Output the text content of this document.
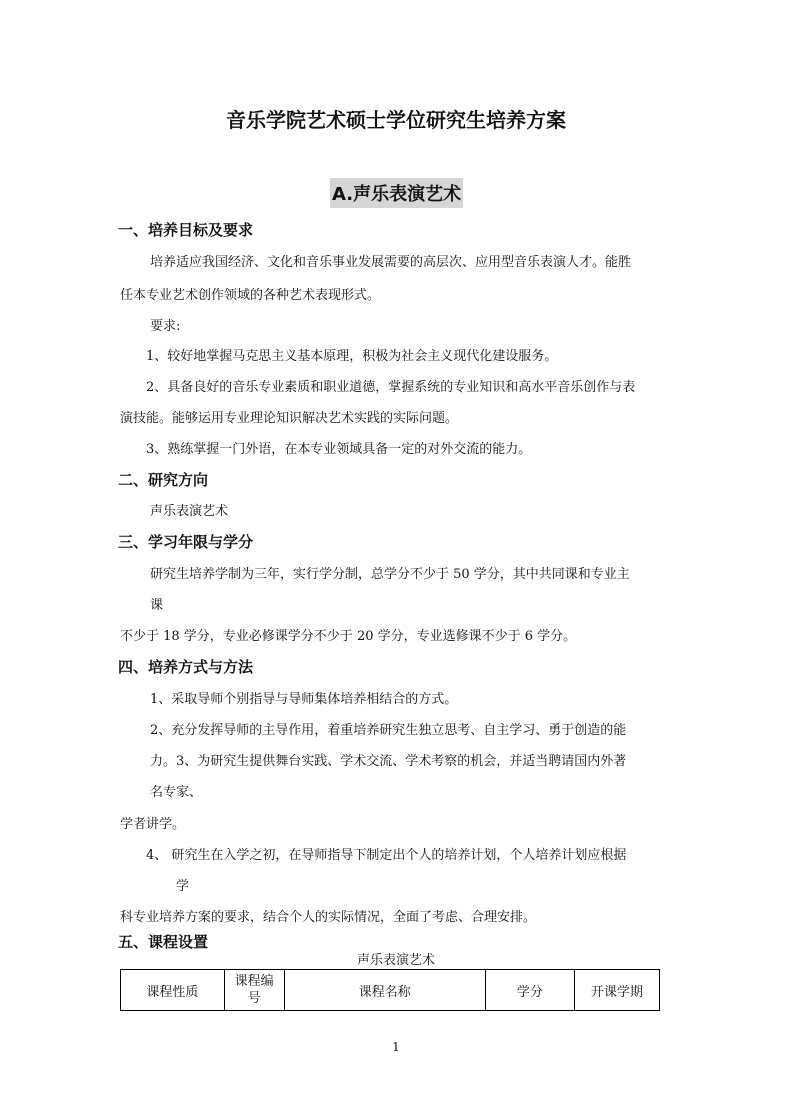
音乐学院艺术硕士学位研究生培养方案
A.声乐表演艺术
一、培养目标及要求
培养适应我国经济、文化和音乐事业发展需要的高层次、应用型音乐表演人才。能胜
任本专业艺术创作领域的各种艺术表现形式。
要求:
1、较好地掌握马克思主义基本原理，积极为社会主义现代化建设服务。
2、具备良好的音乐专业素质和职业道德，掌握系统的专业知识和高水平音乐创作与表
演技能。能够运用专业理论知识解决艺术实践的实际问题。
3、熟练掌握一门外语，在本专业领域具备一定的对外交流的能力。
二、研究方向
声乐表演艺术
三、学习年限与学分
研究生培养学制为三年，实行学分制，总学分不少于 50 学分，其中共同课和专业主
课
不少于 18 学分，专业必修课学分不少于 20 学分，专业选修课不少于 6 学分。
四、培养方式与方法
1、采取导师个别指导与导师集体培养相结合的方式。
2、充分发挥导师的主导作用，着重培养研究生独立思考、自主学习、勇于创造的能
力。3、为研究生提供舞台实践、学术交流、学术考察的机会，并适当聘请国内外著
名专家、
学者讲学。
4、 研究生在入学之初，在导师指导下制定出个人的培养计划，个人培养计划应根据
学
科专业培养方案的要求，结合个人的实际情况，全面了考虑、合理安排。
五、课程设置
声乐表演艺术
课程性质	课程编号	课程名称	学分	开课学期
1
